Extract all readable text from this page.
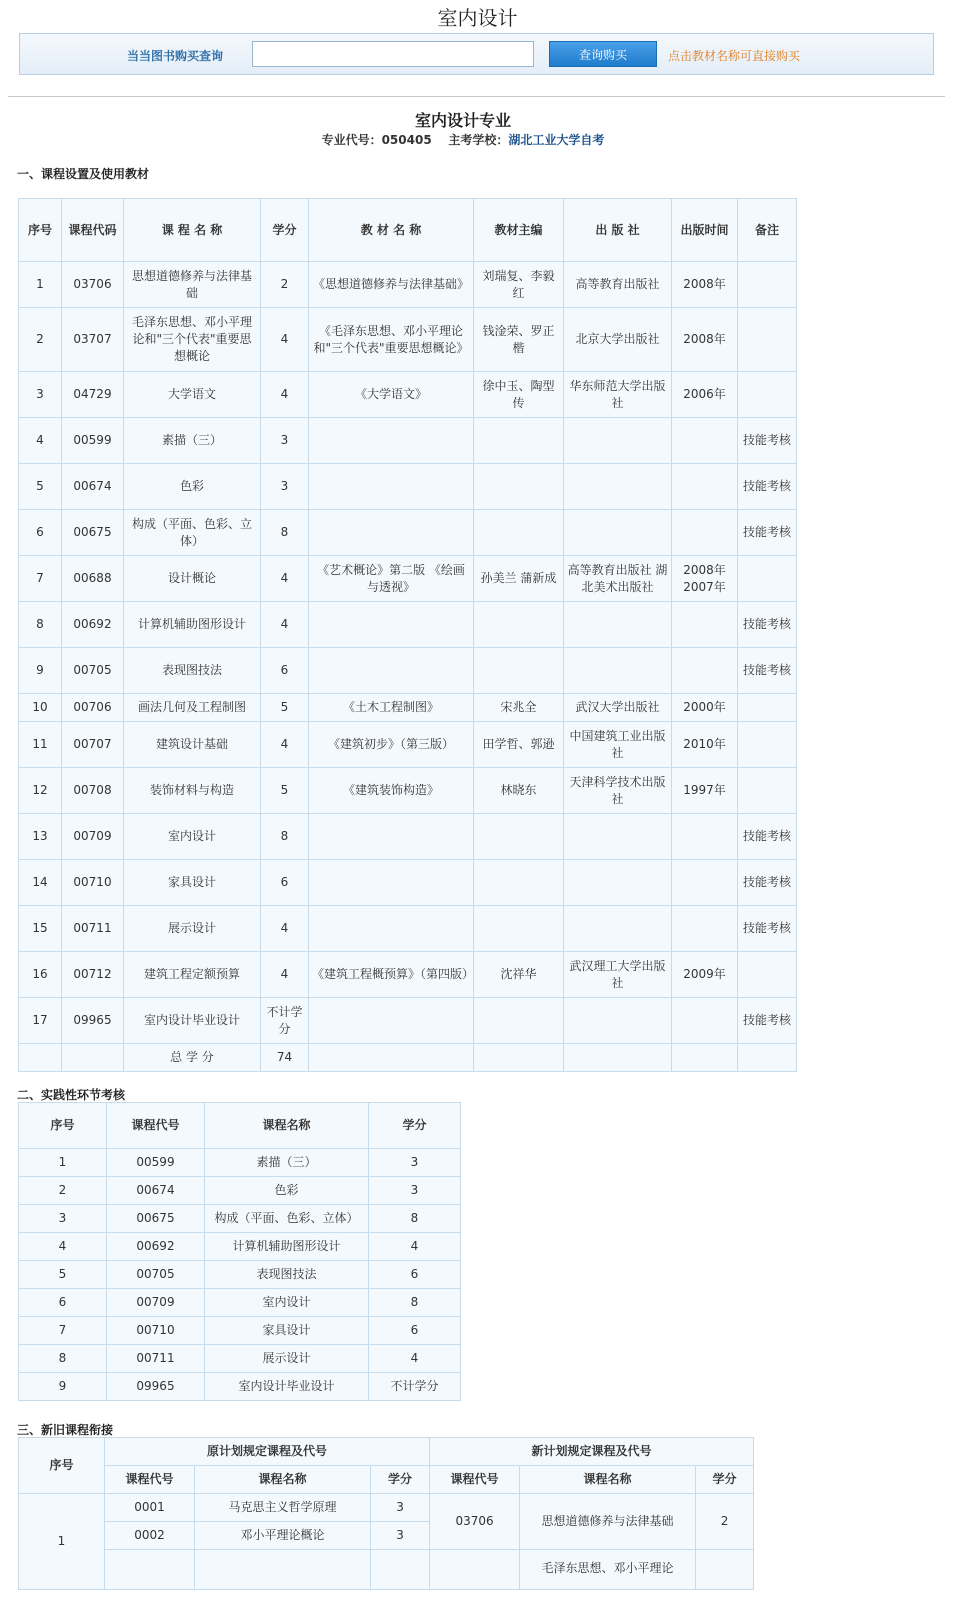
室内设计
当当图书购买查询	查询购买	点击教材名称可直接购买
室内设计专业
专业代号：050405 主考学校：湖北工业大学自考
一、课程设置及使用教材
序号	课程代码	课 程 名 称	学分	教 材 名 称	教材主编	出 版 社	出版时间	备注
1	03706	思想道德修养与法律基础	2	《思想道德修养与法律基础》	刘瑞复、李毅红	高等教育出版社	2008年	
2	03707	毛泽东思想、邓小平理论和"三个代表"重要思想概论	4	《毛泽东思想、邓小平理论和"三个代表"重要思想概论》	钱淦荣、罗正楷	北京大学出版社	2008年	
3	04729	大学语文	4	《大学语文》	徐中玉、陶型传	华东师范大学出版社	2006年	
4	00599	素描（三）	3					技能考核
5	00674	色彩	3					技能考核
6	00675	构成（平面、色彩、立体）	8					技能考核
7	00688	设计概论	4	《艺术概论》第二版 《绘画与透视》	孙美兰 蒲新成	高等教育出版社 湖北美术出版社	2008年 2007年	
8	00692	计算机辅助图形设计	4					技能考核
9	00705	表现图技法	6					技能考核
10	00706	画法几何及工程制图	5	《土木工程制图》	宋兆全	武汉大学出版社	2000年	
11	00707	建筑设计基础	4	《建筑初步》（第三版）	田学哲、郭逊	中国建筑工业出版社	2010年	
12	00708	装饰材料与构造	5	《建筑装饰构造》	林晓东	天津科学技术出版社	1997年	
13	00709	室内设计	8					技能考核
14	00710	家具设计	6					技能考核
15	00711	展示设计	4					技能考核
16	00712	建筑工程定额预算	4	《建筑工程概预算》（第四版）	沈祥华	武汉理工大学出版社	2009年	
17	09965	室内设计毕业设计	不计学分					技能考核
		总 学 分	74					
二、实践性环节考核
序号	课程代号	课程名称	学分
1	00599	素描（三）	3
2	00674	色彩	3
3	00675	构成（平面、色彩、立体）	8
4	00692	计算机辅助图形设计	4
5	00705	表现图技法	6
6	00709	室内设计	8
7	00710	家具设计	6
8	00711	展示设计	4
9	09965	室内设计毕业设计	不计学分
三、新旧课程衔接
序号	原计划规定课程及代号			新计划规定课程及代号		
	课程代号	课程名称	学分	课程代号	课程名称	学分
1	0001	马克思主义哲学原理	3	03706	思想道德修养与法律基础	2
	0002	邓小平理论概论	3			
					毛泽东思想、邓小平理论	
